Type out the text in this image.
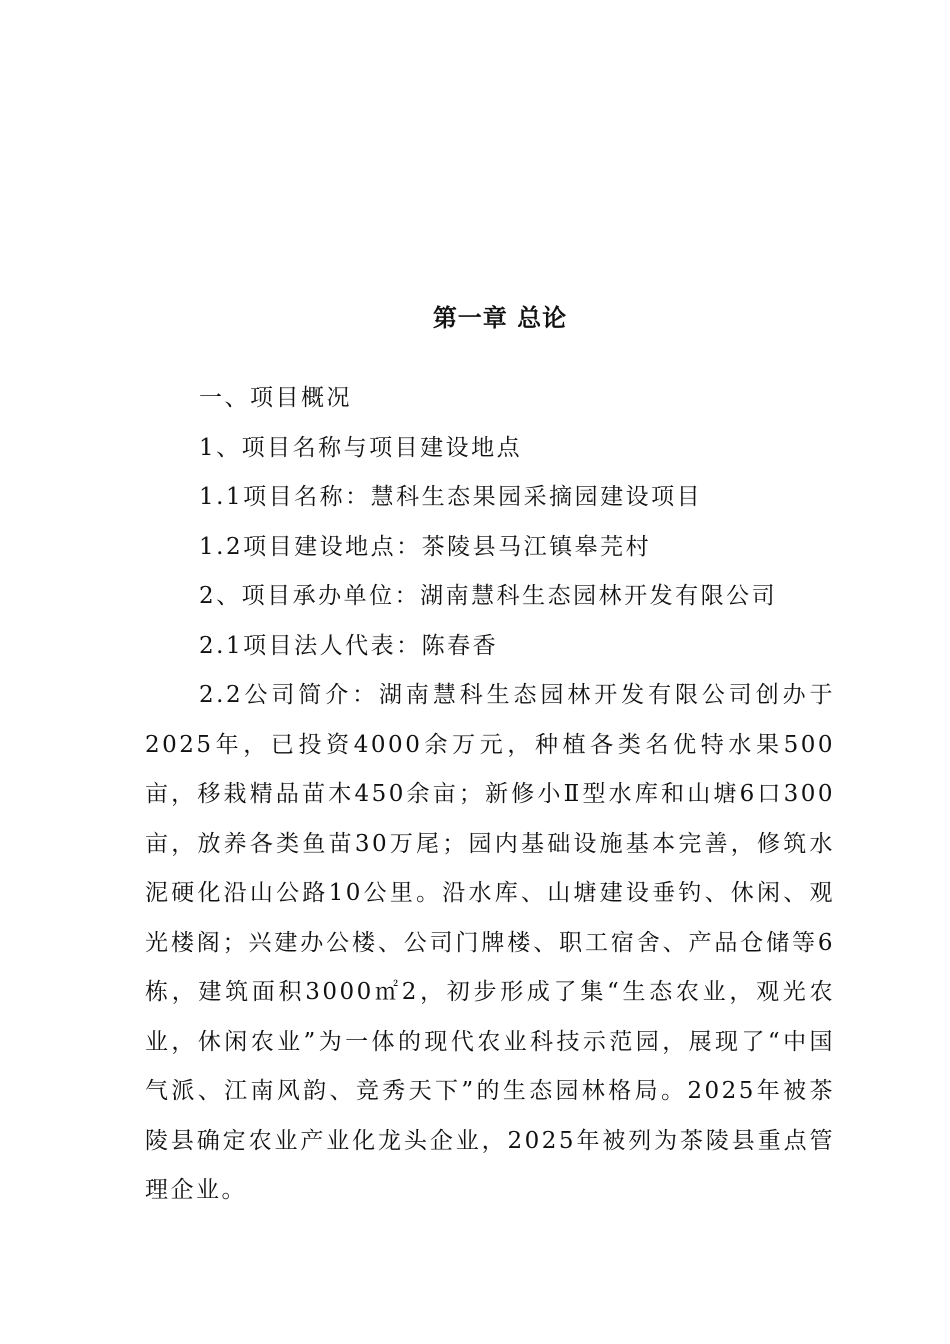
第一章 总论

一、项目概况

1、项目名称与项目建设地点

1.1项目名称：慧科生态果园采摘园建设项目

1.2项目建设地点：茶陵县马江镇皋芫村

2、项目承办单位：湖南慧科生态园林开发有限公司

2.1项目法人代表：陈春香

2.2公司简介：湖南慧科生态园林开发有限公司创办于2025年，已投资4000余万元，种植各类名优特水果500亩，移栽精品苗木450余亩；新修小Ⅱ型水库和山塘6口300亩，放养各类鱼苗30万尾；园内基础设施基本完善，修筑水泥硬化沿山公路10公里。沿水库、山塘建设垂钓、休闲、观光楼阁；兴建办公楼、公司门牌楼、职工宿舍、产品仓储等6栋，建筑面积3000㎡2，初步形成了集“生态农业，观光农业，休闲农业”为一体的现代农业科技示范园，展现了“中国气派、江南风韵、竞秀天下”的生态园林格局。2025年被茶陵县确定农业产业化龙头企业，2025年被列为茶陵县重点管理企业。
